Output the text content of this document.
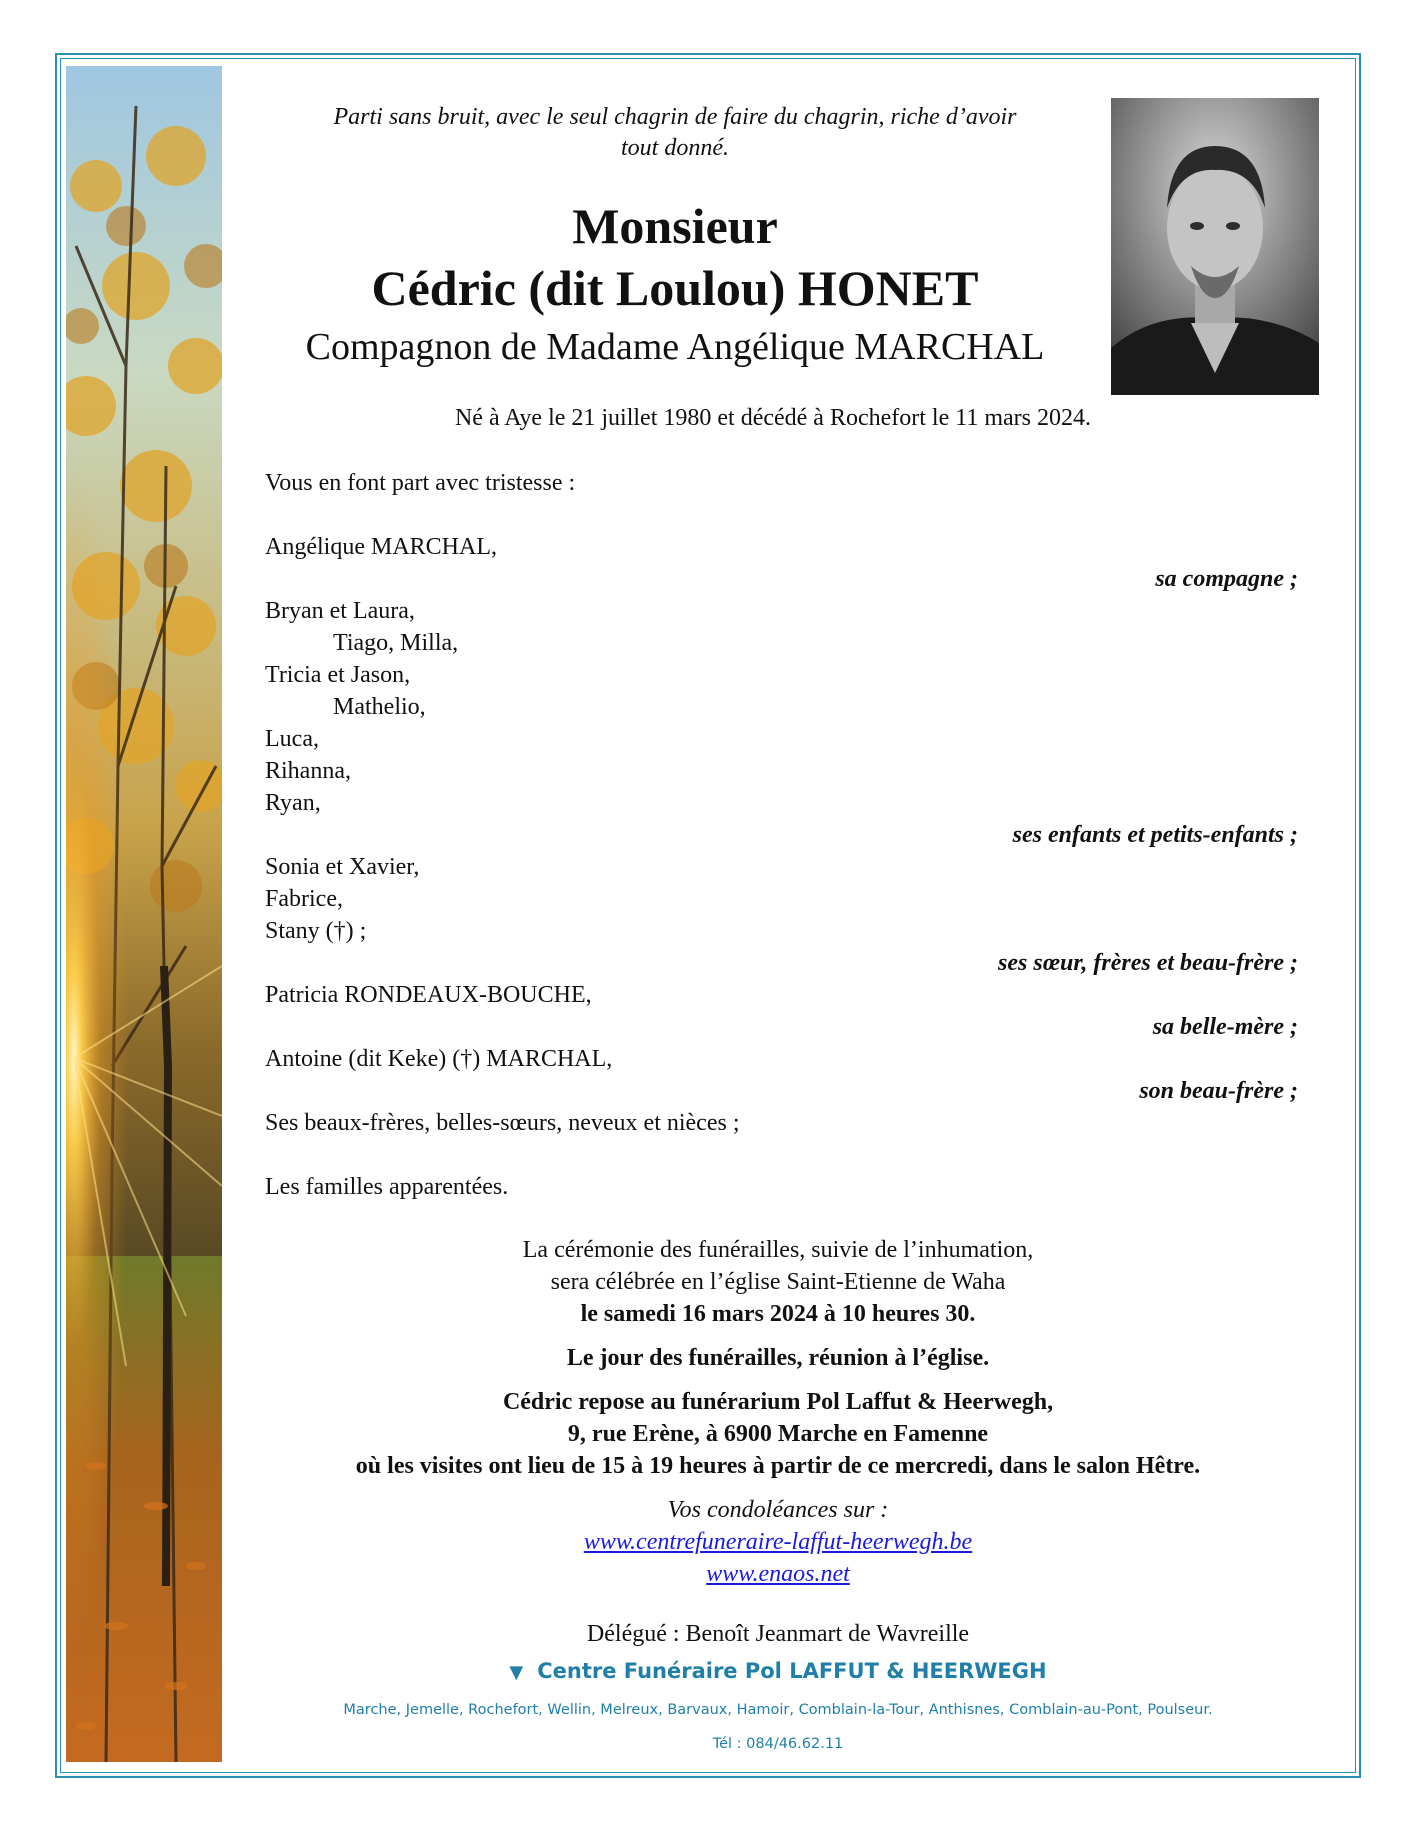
Parti sans bruit, avec le seul chagrin de faire du chagrin, riche d’avoir
tout donné.
Monsieur
Cédric (dit Loulou) HONET
Compagnon de Madame Angélique MARCHAL
Né à Aye le 21 juillet 1980 et décédé à Rochefort le 11 mars 2024.
Vous en font part avec tristesse :
Angélique MARCHAL,
sa compagne ;
Bryan et Laura,
Tiago, Milla,
Tricia et Jason,
Mathelio,
Luca,
Rihanna,
Ryan,
ses enfants et petits-enfants ;
Sonia et Xavier,
Fabrice,
Stany (†) ;
ses sœur, frères et beau-frère ;
Patricia RONDEAUX-BOUCHE,
sa belle-mère ;
Antoine (dit Keke) (†) MARCHAL,
son beau-frère ;
Ses beaux-frères, belles-sœurs, neveux et nièces ;
Les familles apparentées.
La cérémonie des funérailles, suivie de l’inhumation,
sera célébrée en l’église Saint-Etienne de Waha
le samedi 16 mars 2024 à 10 heures 30.
Le jour des funérailles, réunion à l’église.
Cédric repose au funérarium Pol Laffut & Heerwegh,
9, rue Erène, à 6900 Marche en Famenne
où les visites ont lieu de 15 à 19 heures à partir de ce mercredi, dans le salon Hêtre.
Vos condoléances sur :
www.centrefuneraire-laffut-heerwegh.be
www.enaos.net
Délégué : Benoît Jeanmart de Wavreille
▼ Centre Funéraire Pol LAFFUT & HEERWEGH
Marche, Jemelle, Rochefort, Wellin, Melreux, Barvaux, Hamoir, Comblain-la-Tour, Anthisnes, Comblain-au-Pont, Poulseur.
Tél : 084/46.62.11
